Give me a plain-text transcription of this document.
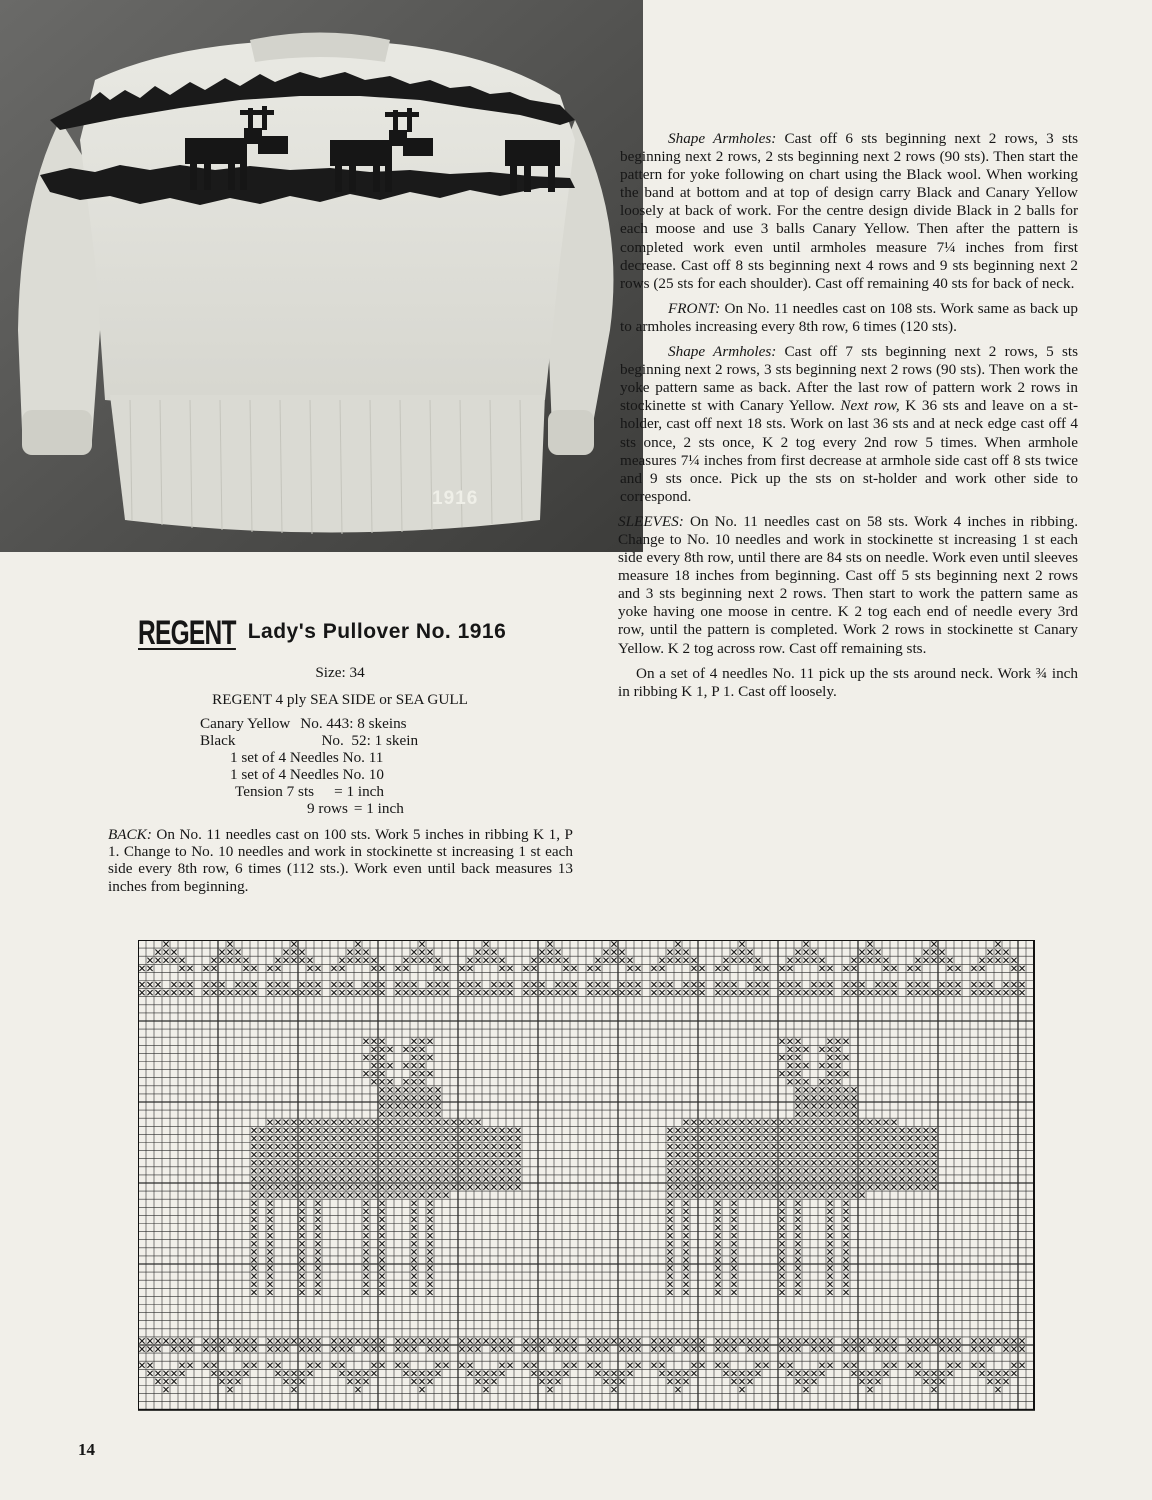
1916

Shape Armholes: Cast off 6 sts beginning next 2 rows, 3 sts beginning next 2 rows, 2 sts beginning next 2 rows (90 sts). Then start the pattern for yoke following on chart using the Black wool. When working the band at bottom and at top of design carry Black and Canary Yellow loosely at back of work. For the centre design divide Black in 2 balls for each moose and use 3 balls Canary Yellow. Then after the pattern is completed work even until armholes measure 7¼ inches from first decrease. Cast off 8 sts beginning next 4 rows and 9 sts beginning next 2 rows (25 sts for each shoulder). Cast off remaining 40 sts for back of neck.

FRONT: On No. 11 needles cast on 108 sts. Work same as back up to armholes increasing every 8th row, 6 times (120 sts).

Shape Armholes: Cast off 7 sts beginning next 2 rows, 5 sts beginning next 2 rows, 3 sts beginning next 2 rows (90 sts). Then work the yoke pattern same as back. After the last row of pattern work 2 rows in stockinette st with Canary Yellow. Next row, K 36 sts and leave on a st-holder, cast off next 18 sts. Work on last 36 sts and at neck edge cast off 4 sts once, 2 sts once, K 2 tog every 2nd row 5 times. When armhole measures 7¼ inches from first decrease at armhole side cast off 8 sts twice and 9 sts once. Pick up the sts on st-holder and work other side to correspond.

SLEEVES: On No. 11 needles cast on 58 sts. Work 4 inches in ribbing. Change to No. 10 needles and work in stockinette st increasing 1 st each side every 8th row, until there are 84 sts on needle. Work even until sleeves measure 18 inches from beginning. Cast off 5 sts beginning next 2 rows and 3 sts beginning next 2 rows. Then start to work the pattern same as yoke having one moose in centre. K 2 tog each end of needle every 3rd row, until the pattern is completed. Work 2 rows in stockinette st Canary Yellow. K 2 tog across row. Cast off remaining sts.

On a set of 4 needles No. 11 pick up the sts around neck. Work ¾ inch in ribbing K 1, P 1. Cast off loosely.

REGENT Lady's Pullover No. 1916
Size: 34
REGENT 4 ply SEA SIDE or SEA GULL
Canary Yellow No. 443: 8 skeins
Black	No.  52: 1 skein
1 set of 4 Needles No. 11
1 set of 4 Needles No. 10
Tension 7 sts = 1 inch
9 rows = 1 inch
BACK: On No. 11 needles cast on 100 sts. Work 5 inches in ribbing K 1, P 1. Change to No. 10 needles and work in stockinette st increasing 1 st each side every 8th row, 6 times (112 sts.). Work even until back measures 13 inches from beginning.
14
